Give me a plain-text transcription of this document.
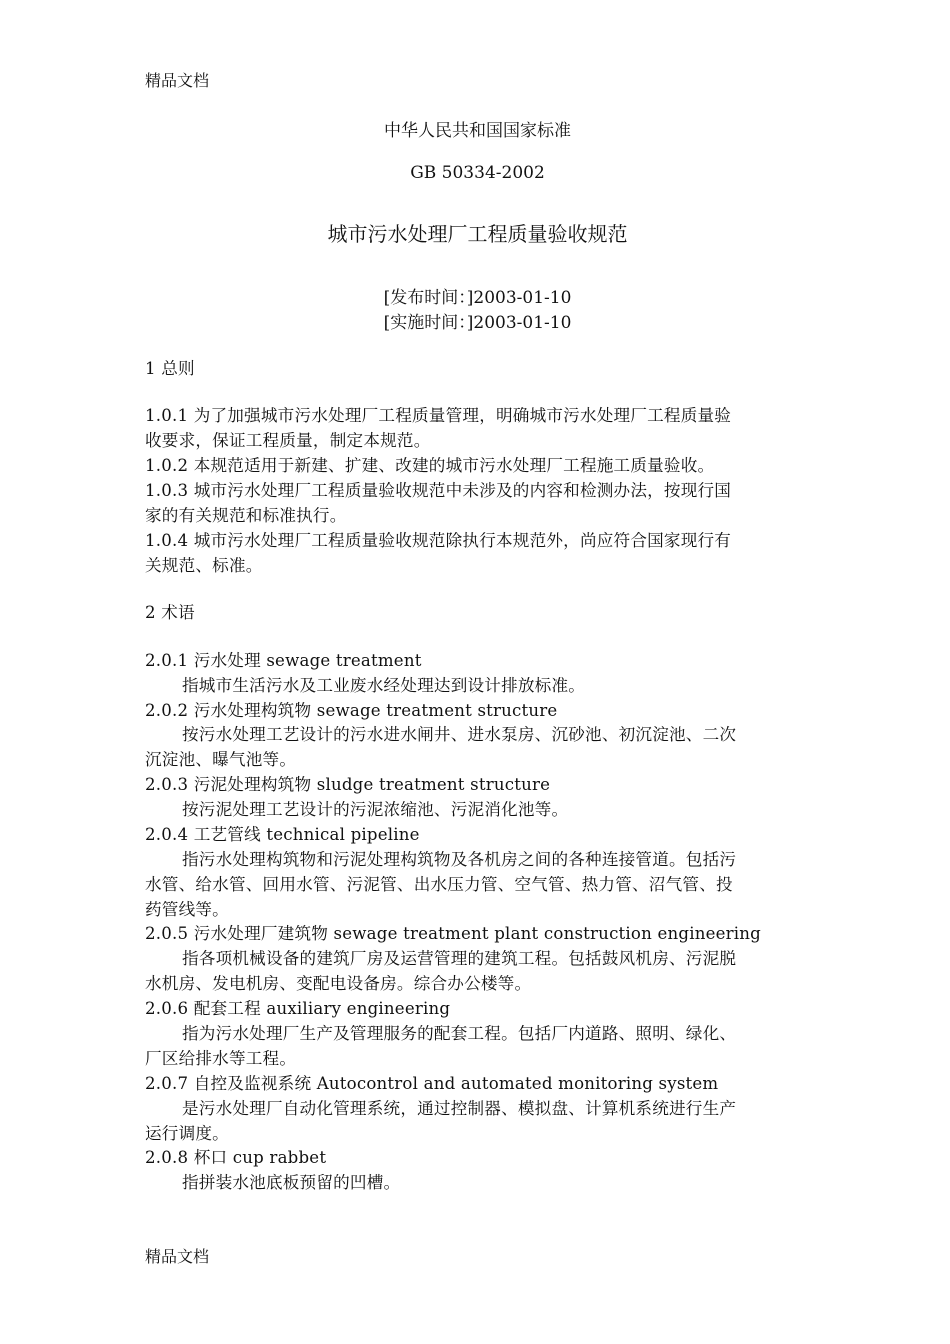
精品文档
中华人民共和国国家标准
GB 50334-2002
城市污水处理厂工程质量验收规范
[发布时间：]2003-01-10
[实施时间：]2003-01-10
1 总则
1.0.1 为了加强城市污水处理厂工程质量管理，明确城市污水处理厂工程质量验
收要求，保证工程质量，制定本规范。
1.0.2 本规范适用于新建、扩建、改建的城市污水处理厂工程施工质量验收。
1.0.3 城市污水处理厂工程质量验收规范中未涉及的内容和检测办法，按现行国
家的有关规范和标准执行。
1.0.4 城市污水处理厂工程质量验收规范除执行本规范外，尚应符合国家现行有
关规范、标准。
2 术语
2.0.1 污水处理 sewage treatment
指城市生活污水及工业废水经处理达到设计排放标准。
2.0.2 污水处理构筑物 sewage treatment structure
按污水处理工艺设计的污水进水闸井、进水泵房、沉砂池、初沉淀池、二次
沉淀池、曝气池等。
2.0.3 污泥处理构筑物 sludge treatment structure
按污泥处理工艺设计的污泥浓缩池、污泥消化池等。
2.0.4 工艺管线 technical pipeline
指污水处理构筑物和污泥处理构筑物及各机房之间的各种连接管道。包括污
水管、给水管、回用水管、污泥管、出水压力管、空气管、热力管、沼气管、投
药管线等。
2.0.5 污水处理厂建筑物 sewage treatment plant construction engineering
指各项机械设备的建筑厂房及运营管理的建筑工程。包括鼓风机房、污泥脱
水机房、发电机房、变配电设备房。综合办公楼等。
2.0.6 配套工程 auxiliary engineering
指为污水处理厂生产及管理服务的配套工程。包括厂内道路、照明、绿化、
厂区给排水等工程。
2.0.7 自控及监视系统 Autocontrol and automated monitoring system
是污水处理厂自动化管理系统，通过控制器、模拟盘、计算机系统进行生产
运行调度。
2.0.8 杯口 cup rabbet
指拼装水池底板预留的凹槽。
精品文档
